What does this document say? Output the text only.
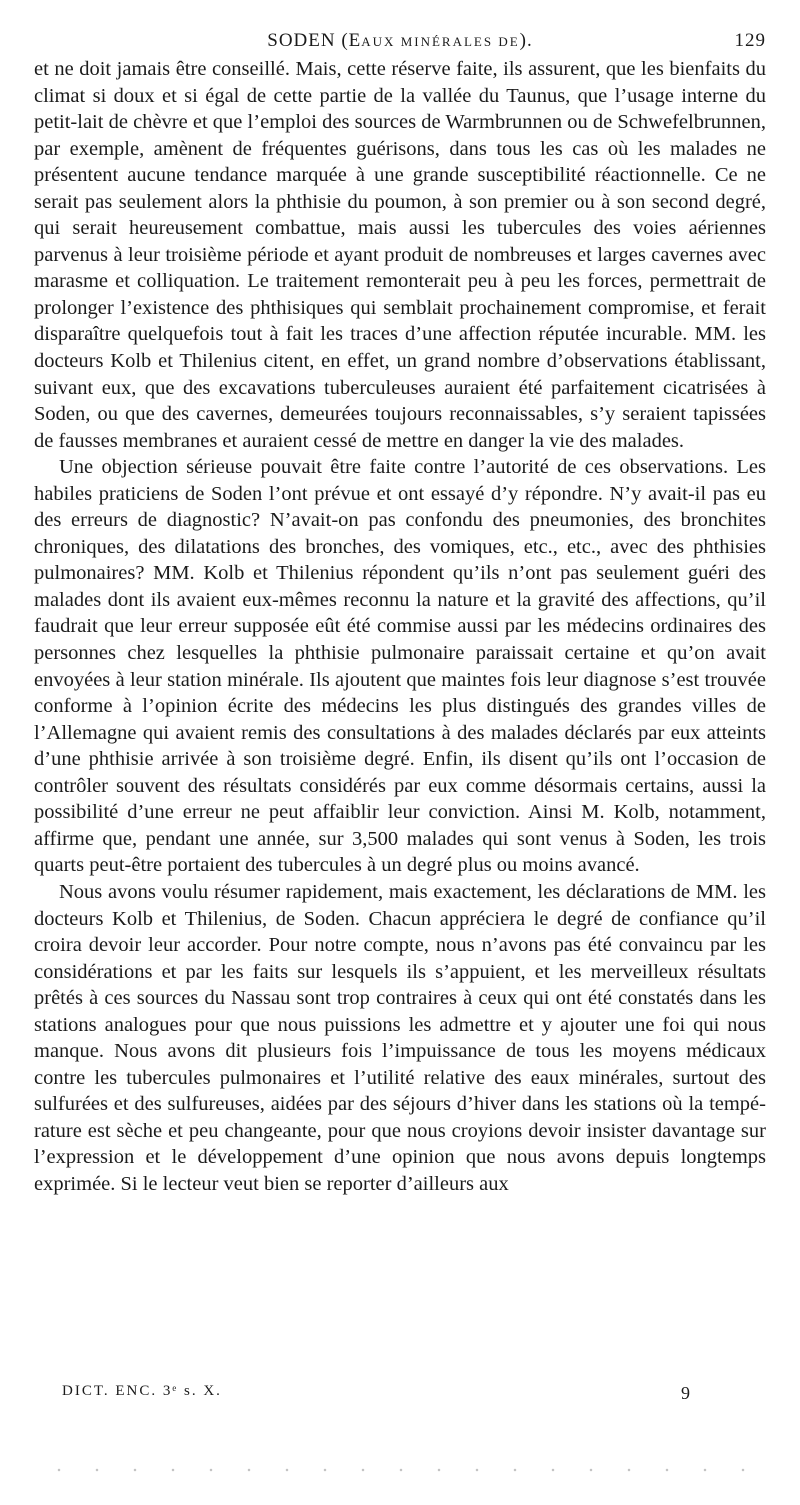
SODEN (EAUX MINÉRALES DE).	129

et ne doit jamais être conseillé. Mais, cette réserve faite, ils assurent, que les bienfaits du climat si doux et si égal de cette partie de la vallée du Taunus, que l’usage interne du petit-lait de chèvre et que l’emploi des sources de Warmbrunnen ou de Schwefelbrunnen, par exemple, amènent de fréquentes guérisons, dans tous les cas où les malades ne présentent aucune tendance marquée à une grande susceptibilité réactionnelle. Ce ne serait pas seulement alors la phthisie du poumon, à son premier ou à son second degré, qui serait heureusement combattue, mais aussi les tubercules des voies aériennes parvenus à leur troisième période et ayant produit de nombreuses et larges cavernes avec marasme et colliquation. Le traitement remonterait peu à peu les forces, permettrait de prolonger l’existence des phthisiques qui semblait prochainement compromise, et ferait disparaître quelquefois tout à fait les traces d’une affection réputée incurable. MM. les docteurs Kolb et Thilenius citent, en effet, un grand nombre d’observations établissant, suivant eux, que des excavations tuberculeuses auraient été parfaitement cicatrisées à Soden, ou que des cavernes, demeurées toujours reconnaissables, s’y seraient tapissées de fausses membranes et auraient cessé de mettre en danger la vie des malades.

Une objection sérieuse pouvait être faite contre l’autorité de ces observations. Les habiles praticiens de Soden l’ont prévue et ont essayé d’y répondre. N’y avait-il pas eu des erreurs de diagnostic? N’avait-on pas confondu des pneumonies, des bronchites chroniques, des dilatations des bronches, des vomiques, etc., etc., avec des phthisies pulmonaires? MM. Kolb et Thilenius répondent qu’ils n’ont pas seulement guéri des malades dont ils avaient eux-mêmes reconnu la nature et la gravité des affections, qu’il faudrait que leur erreur supposée eût été commise aussi par les médecins ordinaires des personnes chez lesquelles la phthisie pulmonaire paraissait certaine et qu’on avait envoyées à leur station minérale. Ils ajoutent que maintes fois leur diagnose s’est trouvée conforme à l’opinion écrite des médecins les plus distingués des grandes villes de l’Allemagne qui avaient remis des consultations à des malades déclarés par eux atteints d’une phthisie arrivée à son troisième degré. Enfin, ils disent qu’ils ont l’occasion de contrôler souvent des résultats considérés par eux comme désormais certains, aussi la possibilité d’une erreur ne peut affaiblir leur conviction. Ainsi M. Kolb, notamment, affirme que, pendant une année, sur 3,500 malades qui sont venus à Soden, les trois quarts peut-être portaient des tubercules à un degré plus ou moins avancé.

Nous avons voulu résumer rapidement, mais exactement, les déclarations de MM. les docteurs Kolb et Thilenius, de Soden. Chacun appréciera le degré de confiance qu’il croira devoir leur accorder. Pour notre compte, nous n’avons pas été convaincu par les considérations et par les faits sur lesquels ils s’appuient, et les merveilleux résultats prêtés à ces sources du Nassau sont trop contraires à ceux qui ont été constatés dans les stations analogues pour que nous puissions les admettre et y ajouter une foi qui nous manque. Nous avons dit plusieurs fois l’impuissance de tous les moyens médicaux contre les tubercules pulmonaires et l’utilité relative des eaux minérales, surtout des sulfurées et des sulfureuses, aidées par des séjours d’hiver dans les stations où la température est sèche et peu changeante, pour que nous croyions devoir insister davantage sur l’expression et le développement d’une opinion que nous avons depuis longtemps exprimée. Si le lecteur veut bien se reporter d’ailleurs aux

DICT. ENC. 3ᵉ s. X.	9
